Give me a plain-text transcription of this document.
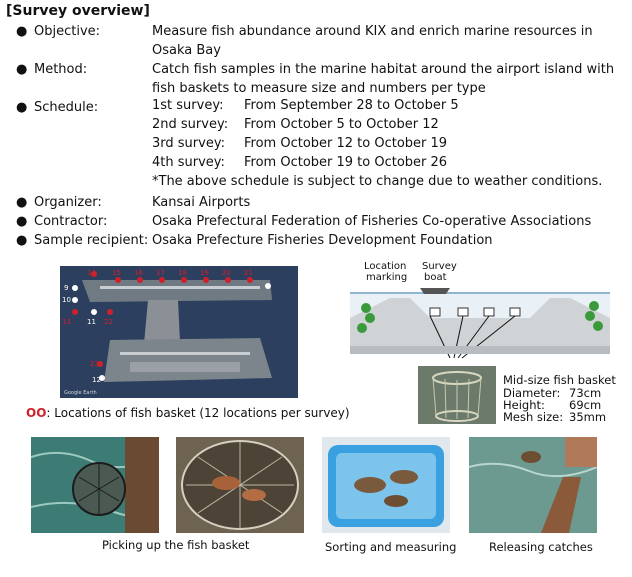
[Survey overview]
● Objective:	Measure fish abundance around KIX and enrich marine resources in Osaka Bay
● Method:	Catch fish samples in the marine habitat around the airport island with fish baskets to measure size and numbers per type
● Schedule:	1st survey: From September 28 to October 5
2nd survey: From October 5 to October 12
3rd survey: From October 12 to October 19
4th survey: From October 19 to October 26
*The above schedule is subject to change due to weather conditions.
● Organizer:	Kansai Airports
● Contractor:	Osaka Prefectural Federation of Fisheries Co-operative Associations
● Sample recipient: Osaka Prefecture Fisheries Development Foundation
9
10
11
12
13
14 15 16 17 18 19 20 21
22
23
Google Earth
OO: Locations of fish basket (12 locations per survey)
Location
marking
Survey
boat
Mid-size fish basket
Diameter: 73cm
Height: 69cm
Mesh size: 35mm
Picking up the fish basket	Sorting and measuring	Releasing catches
